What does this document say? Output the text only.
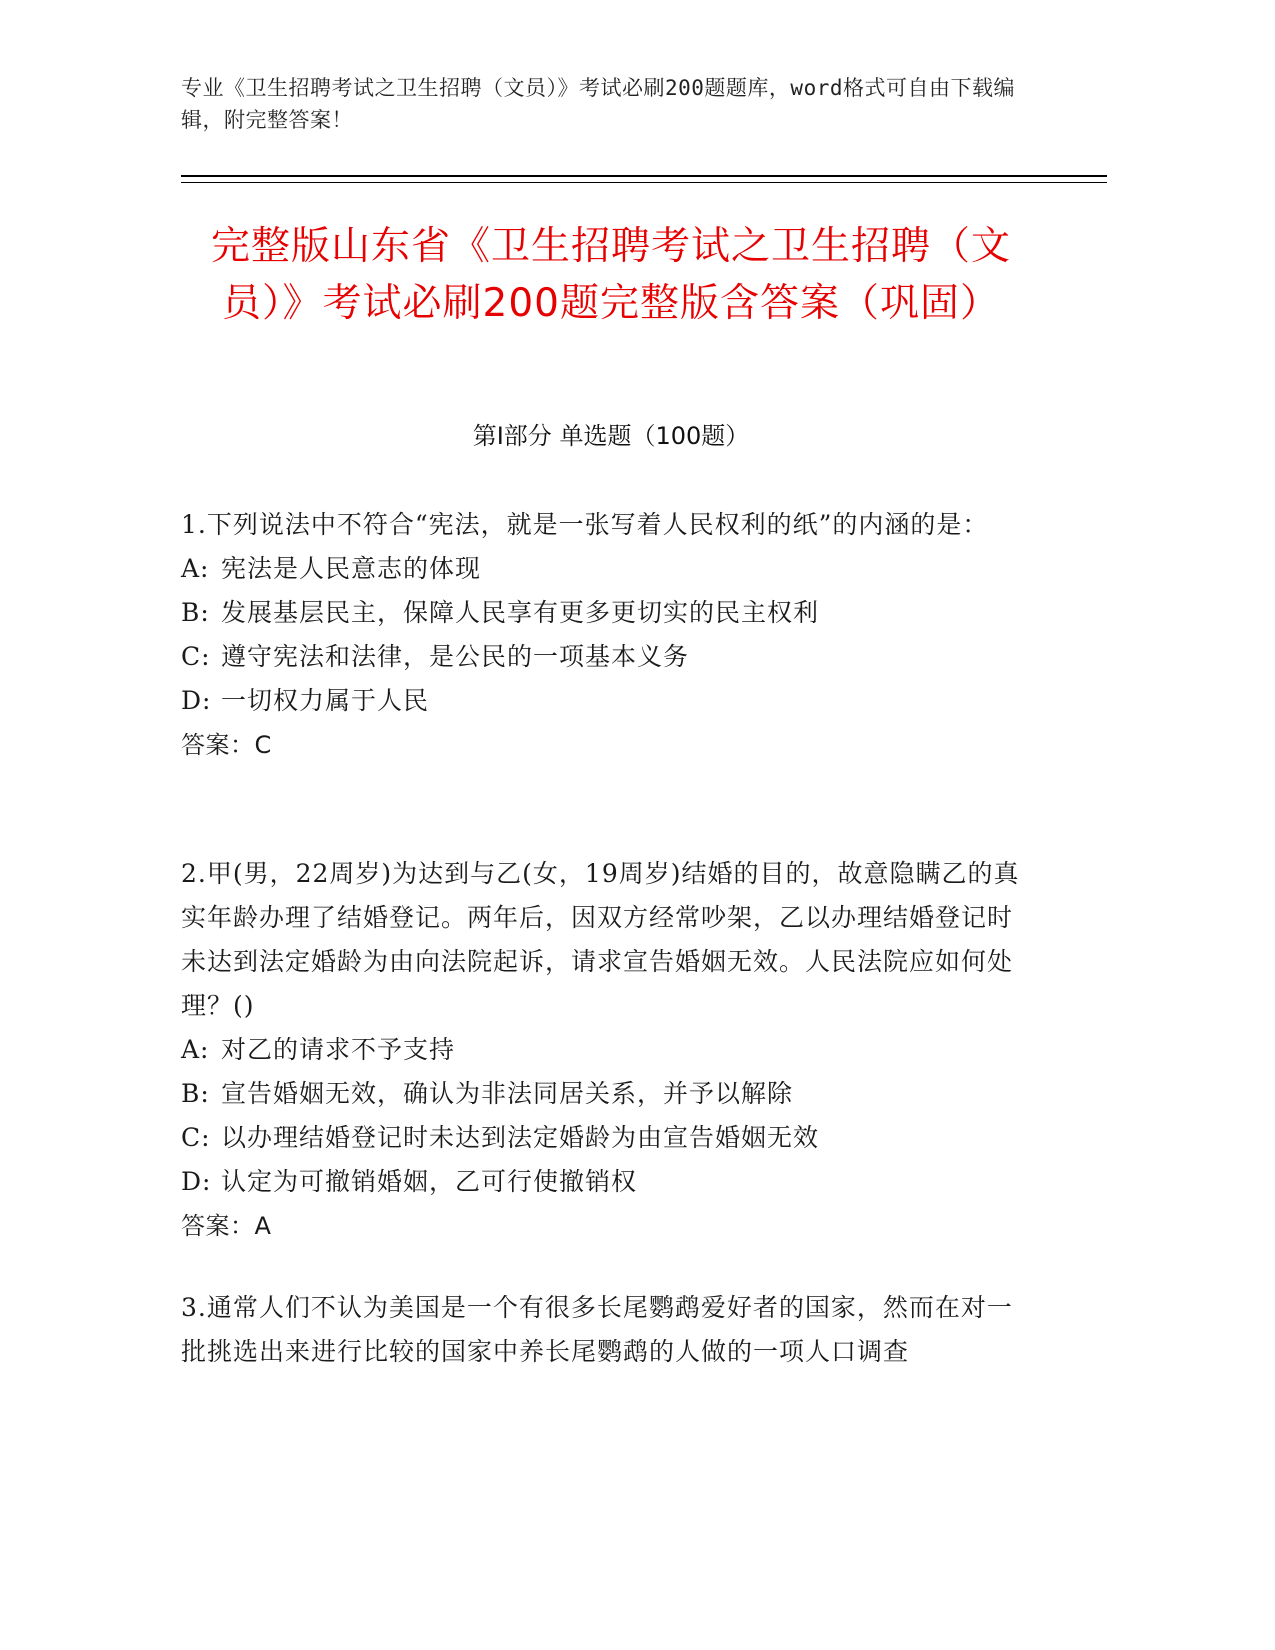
专业《卫生招聘考试之卫生招聘（文员）》考试必刷200题题库，word格式可自由下载编辑，附完整答案！
完整版山东省《卫生招聘考试之卫生招聘（文员）》考试必刷200题完整版含答案（巩固）
第Ⅰ部分 单选题（100题）

1.下列说法中不符合“宪法，就是一张写着人民权利的纸”的内涵的是：

A: 宪法是人民意志的体现

B: 发展基层民主，保障人民享有更多更切实的民主权利

C: 遵守宪法和法律，是公民的一项基本义务

D: 一切权力属于人民

答案：C

2.甲(男，22周岁)为达到与乙(女，19周岁)结婚的目的，故意隐瞒乙的真实年龄办理了结婚登记。两年后，因双方经常吵架，乙以办理结婚登记时未达到法定婚龄为由向法院起诉，请求宣告婚姻无效。人民法院应如何处理？()

A: 对乙的请求不予支持

B: 宣告婚姻无效，确认为非法同居关系，并予以解除

C: 以办理结婚登记时未达到法定婚龄为由宣告婚姻无效

D: 认定为可撤销婚姻，乙可行使撤销权

答案：A

3.通常人们不认为美国是一个有很多长尾鹦鹉爱好者的国家，然而在对一批挑选出来进行比较的国家中养长尾鹦鹉的人做的一项人口调查
